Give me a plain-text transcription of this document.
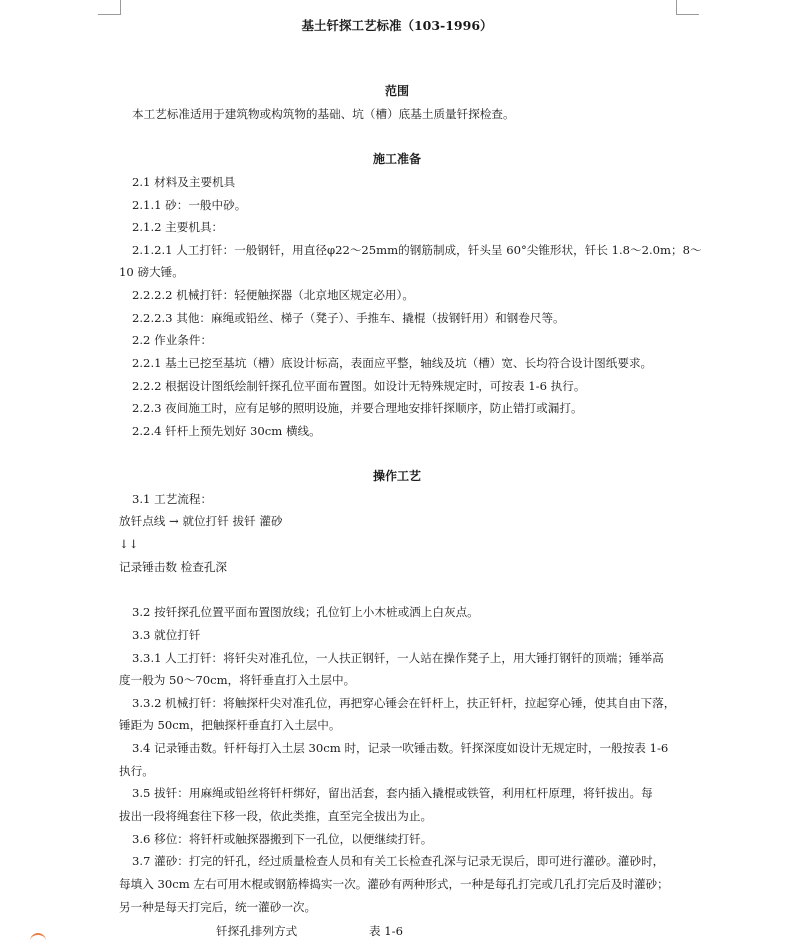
基土钎探工艺标准（103-1996）
范围
本工艺标准适用于建筑物或构筑物的基础、坑（槽）底基土质量钎探检查。
施工准备
2.1 材料及主要机具
2.1.1 砂：一般中砂。
2.1.2 主要机具：
2.1.2.1 人工打钎：一般钢钎，用直径φ22～25mm的钢筋制成，钎头呈 60°尖锥形状，钎长 1.8～2.0m；8～
10 磅大锤。
2.2.2.2 机械打钎：轻便触探器（北京地区规定必用）。
2.2.2.3 其他：麻绳或铅丝、梯子（凳子）、手推车、撬棍（拔钢钎用）和钢卷尺等。
2.2 作业条件：
2.2.1 基土已挖至基坑（槽）底设计标高，表面应平整，轴线及坑（槽）宽、长均符合设计图纸要求。
2.2.2 根据设计图纸绘制钎探孔位平面布置图。如设计无特殊规定时，可按表 1-6 执行。
2.2.3 夜间施工时，应有足够的照明设施，并要合理地安排钎探顺序，防止错打或漏打。
2.2.4 钎杆上预先划好 30cm 横线。
操作工艺
3.1 工艺流程：
放钎点线 → 就位打钎 拔钎 灌砂
↓↓
记录锤击数 检查孔深
3.2 按钎探孔位置平面布置图放线；孔位钉上小木桩或洒上白灰点。
3.3 就位打钎
3.3.1 人工打钎：将钎尖对准孔位，一人扶正钢钎，一人站在操作凳子上，用大锤打钢钎的顶端；锤举高
度一般为 50～70cm，将钎垂直打入土层中。
3.3.2 机械打钎：将触探杆尖对准孔位，再把穿心锤会在钎杆上，扶正钎杆，拉起穿心锤，使其自由下落，
锤距为 50cm，把触探杆垂直打入土层中。
3.4 记录锤击数。钎杆每打入土层 30cm 时，记录一吹锤击数。钎探深度如设计无规定时，一般按表 1-6
执行。
3.5 拔钎：用麻绳或铅丝将钎杆绑好，留出活套，套内插入撬棍或铁管，利用杠杆原理，将钎拔出。每
拔出一段将绳套往下移一段，依此类推，直至完全拔出为止。
3.6 移位：将钎杆或触探器搬到下一孔位，以便继续打钎。
3.7 灌砂：打完的钎孔，经过质量检查人员和有关工长检查孔深与记录无误后，即可进行灌砂。灌砂时，
每填入 30cm 左右可用木棍或钢筋棒捣实一次。灌砂有两种形式，一种是每孔打完或几孔打完后及时灌砂；
另一种是每天打完后，统一灌砂一次。
钎探孔排列方式	表 1-6
